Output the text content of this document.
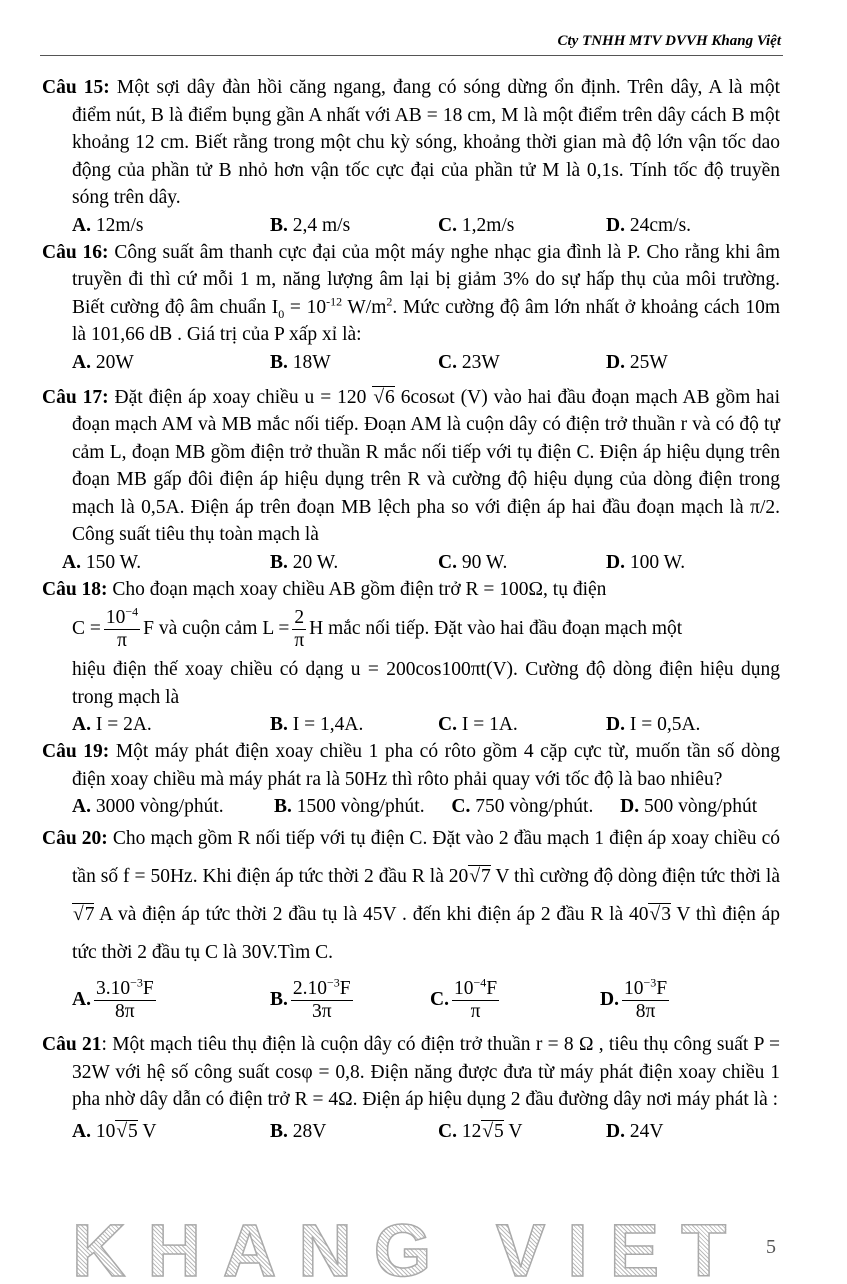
Cty TNHH MTV DVVH Khang Việt
Câu 15: Một sợi dây đàn hồi căng ngang, đang có sóng dừng ổn định. Trên dây, A là một điểm nút, B là điểm bụng gần A nhất với AB = 18 cm, M là một điểm trên dây cách B một khoảng 12 cm. Biết rằng trong một chu kỳ sóng, khoảng thời gian mà độ lớn vận tốc dao động của phần tử B nhỏ hơn vận tốc cực đại của phần tử M là 0,1s. Tính tốc độ truyền sóng trên dây.
A. 12m/s	B. 2,4 m/s	C. 1,2m/s	D. 24cm/s.
Câu 16: Công suất âm thanh cực đại của một máy nghe nhạc gia đình là P. Cho rằng khi âm truyền đi thì cứ mỗi 1 m, năng lượng âm lại bị giảm 3% do sự hấp thụ của môi trường. Biết cường độ âm chuẩn $I_0 = 10^{-12}$ $W/m^2$. Mức cường độ âm lớn nhất ở khoảng cách 10m là 101,66 dB . Giá trị của P xấp xỉ là:
A. 20W	B. 18W	C. 23W	D. 25W
Câu 17: Đặt điện áp xoay chiều u = 120 √ 6 6cosωt (V) vào hai đầu đoạn mạch AB gồm hai đoạn mạch AM và MB mắc nối tiếp. Đoạn AM là cuộn dây có điện trở thuần r và có độ tự cảm L, đoạn MB gồm điện trở thuần R mắc nối tiếp với tụ điện C. Điện áp hiệu dụng trên đoạn MB gấp đôi điện áp hiệu dụng trên R và cường độ hiệu dụng của dòng điện trong mạch là 0,5A. Điện áp trên đoạn MB lệch pha so với điện áp hai đầu đoạn mạch là π/2. Công suất tiêu thụ toàn mạch là
A. 150 W.	B. 20 W.	C. 90 W.	D. 100 W.
Câu 18: Cho đoạn mạch xoay chiều AB gồm điện trở R = 100Ω, tụ điện
$C = \frac{10^{-4}}{\pi}$ F và cuộn cảm $L = \frac{2}{\pi}$ H mắc nối tiếp. Đặt vào hai đầu đoạn mạch một
hiệu điện thế xoay chiều có dạng u = 200cos100πt(V). Cường độ dòng điện hiệu dụng trong mạch là
A. I = 2A.	B. I = 1,4A.	C. I = 1A.	D. I = 0,5A.
Câu 19: Một máy phát điện xoay chiều 1 pha có rôto gồm 4 cặp cực từ, muốn tần số dòng điện xoay chiều mà máy phát ra là 50Hz thì rôto phải quay với tốc độ là bao nhiêu?
A. 3000 vòng/phút.	B. 1500 vòng/phút.	C. 750 vòng/phút.	D. 500 vòng/phút
Câu 20: Cho mạch gồm R nối tiếp với tụ điện C. Đặt vào 2 đầu mạch 1 điện áp xoay chiều có tần số f = 50Hz. Khi điện áp tức thời 2 đầu R là 20 √ 7 V thì cường độ dòng điện tức thời là √ 7 A và điện áp tức thời 2 đầu tụ là 45V . đến khi điện áp 2 đầu R là 40 √ 3 V thì điện áp tức thời 2 đầu tụ C là 30V.Tìm C.
A. $\frac{3.10^{-3}F}{8\pi}$	B. $\frac{2.10^{-3}F}{3\pi}$	C. $\frac{10^{-4}F}{\pi}$	D. $\frac{10^{-3}F}{8\pi}$
Câu 21: Một mạch tiêu thụ điện là cuộn dây có điện trở thuần r = 8 Ω , tiêu thụ công suất P = 32W với hệ số công suất cosφ = 0,8. Điện năng được đưa từ máy phát điện xoay chiều 1 pha nhờ dây dẫn có điện trở R = 4Ω. Điện áp hiệu dụng 2 đầu đường dây nơi máy phát là :
A. 10 √ 5 V	B. 28V	C. 12 √ 5 V	D. 24V
KHANG VIET 5
